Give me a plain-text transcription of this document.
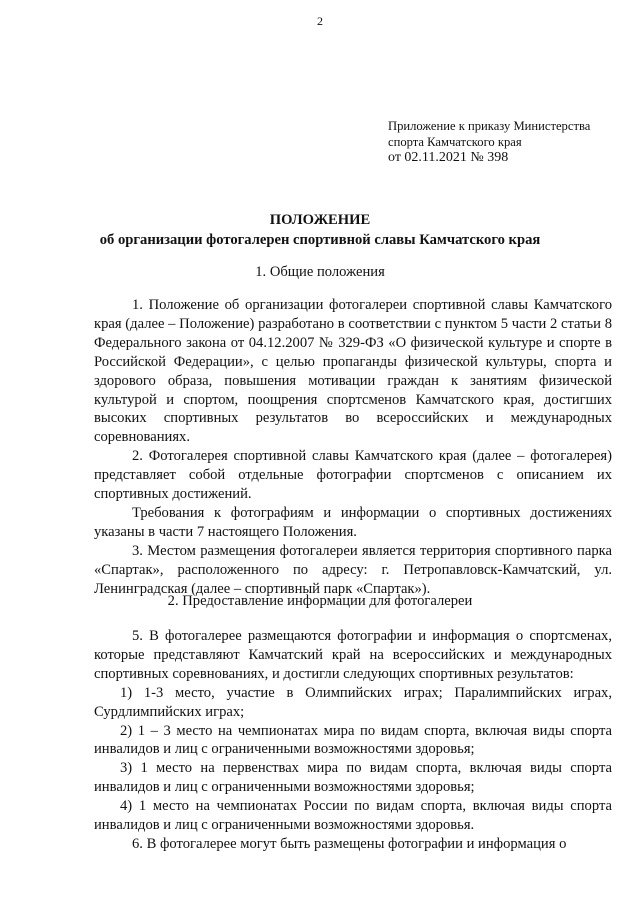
2
Приложение к приказу Министерства
спорта Камчатского края
от 02.11.2021 № 398
ПОЛОЖЕНИЕ
об организации фотогалерен спортивной славы Камчатского края
1. Общие положения

1. Положение об организации фотогалереи спортивной славы Камчатского края (далее – Положение) разработано в соответствии с пунктом 5 части 2 статьи 8 Федерального закона от 04.12.2007 № 329-ФЗ «О физической культуре и спорте в Российской Федерации», с целью пропаганды физической культуры, спорта и здорового образа, повышения мотивации граждан к занятиям физической культурой и спортом, поощрения спортсменов Камчатского края, достигших высоких спортивных результатов во всероссийских и международных соревнованиях.

2. Фотогалерея спортивной славы Камчатского края (далее – фотогалерея) представляет собой отдельные фотографии спортсменов с описанием их спортивных достижений.

Требования к фотографиям и информации о спортивных достижениях указаны в части 7 настоящего Положения.

3. Местом размещения фотогалереи является территория спортивного парка «Спартак», расположенного по адресу: г. Петропавловск-Камчатский, ул. Ленинградская (далее – спортивный парк «Спартак»).

2. Предоставление информации для фотогалереи

5. В фотогалерее размещаются фотографии и информация о спортсменах, которые представляют Камчатский край на всероссийских и международных спортивных соревнованиях, и достигли следующих спортивных результатов:

1) 1-3 место, участие в Олимпийских играх; Паралимпийских играх, Сурдлимпийских играх;

2) 1 – 3 место на чемпионатах мира по видам спорта, включая виды спорта инвалидов и лиц с ограниченными возможностями здоровья;

3) 1 место на первенствах мира по видам спорта, включая виды спорта инвалидов и лиц с ограниченными возможностями здоровья;

4) 1 место на чемпионатах России по видам спорта, включая виды спорта инвалидов и лиц с ограниченными возможностями здоровья.

6. В фотогалерее могут быть размещены фотографии и информация о
